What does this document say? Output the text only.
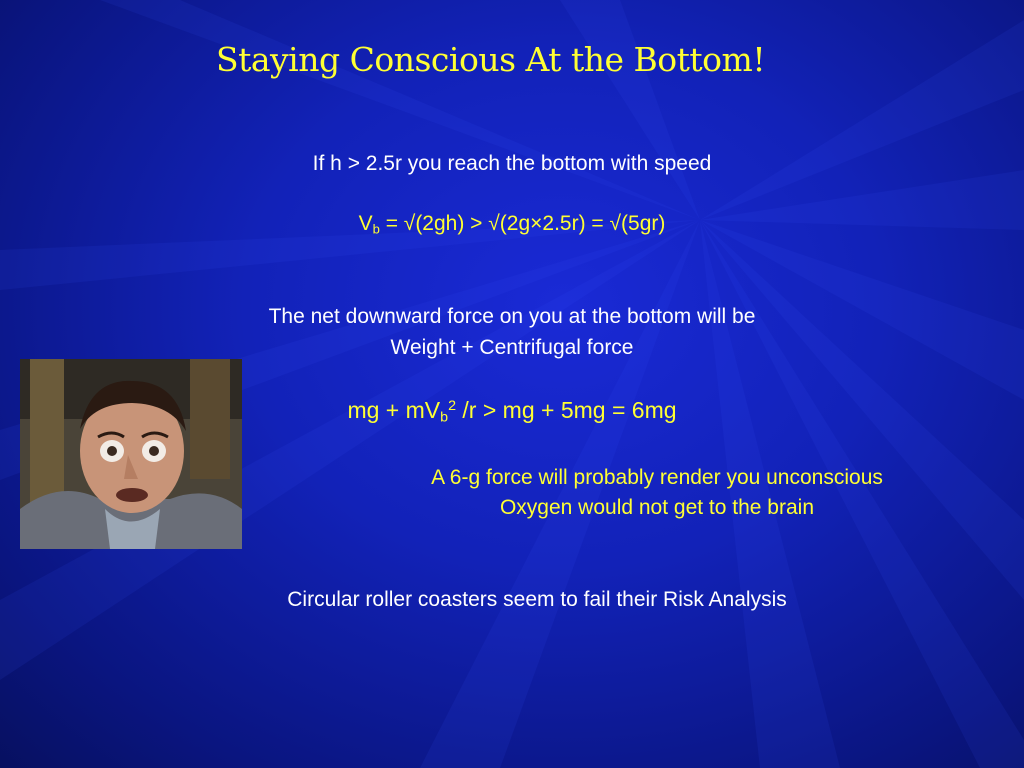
Staying Conscious At the Bottom!
If h > 2.5r you reach the bottom with speed
$V_b = √(2gh) > √(2g\times 2.5r) = √(5gr)$
The net downward force on you at the bottom will be
Weight + Centrifugal force
mg + $mV_b^2$ /r > mg + 5mg = 6mg
A 6-g force will probably render you unconscious
Oxygen would not get to the brain
Circular roller coasters seem to fail their Risk Analysis
